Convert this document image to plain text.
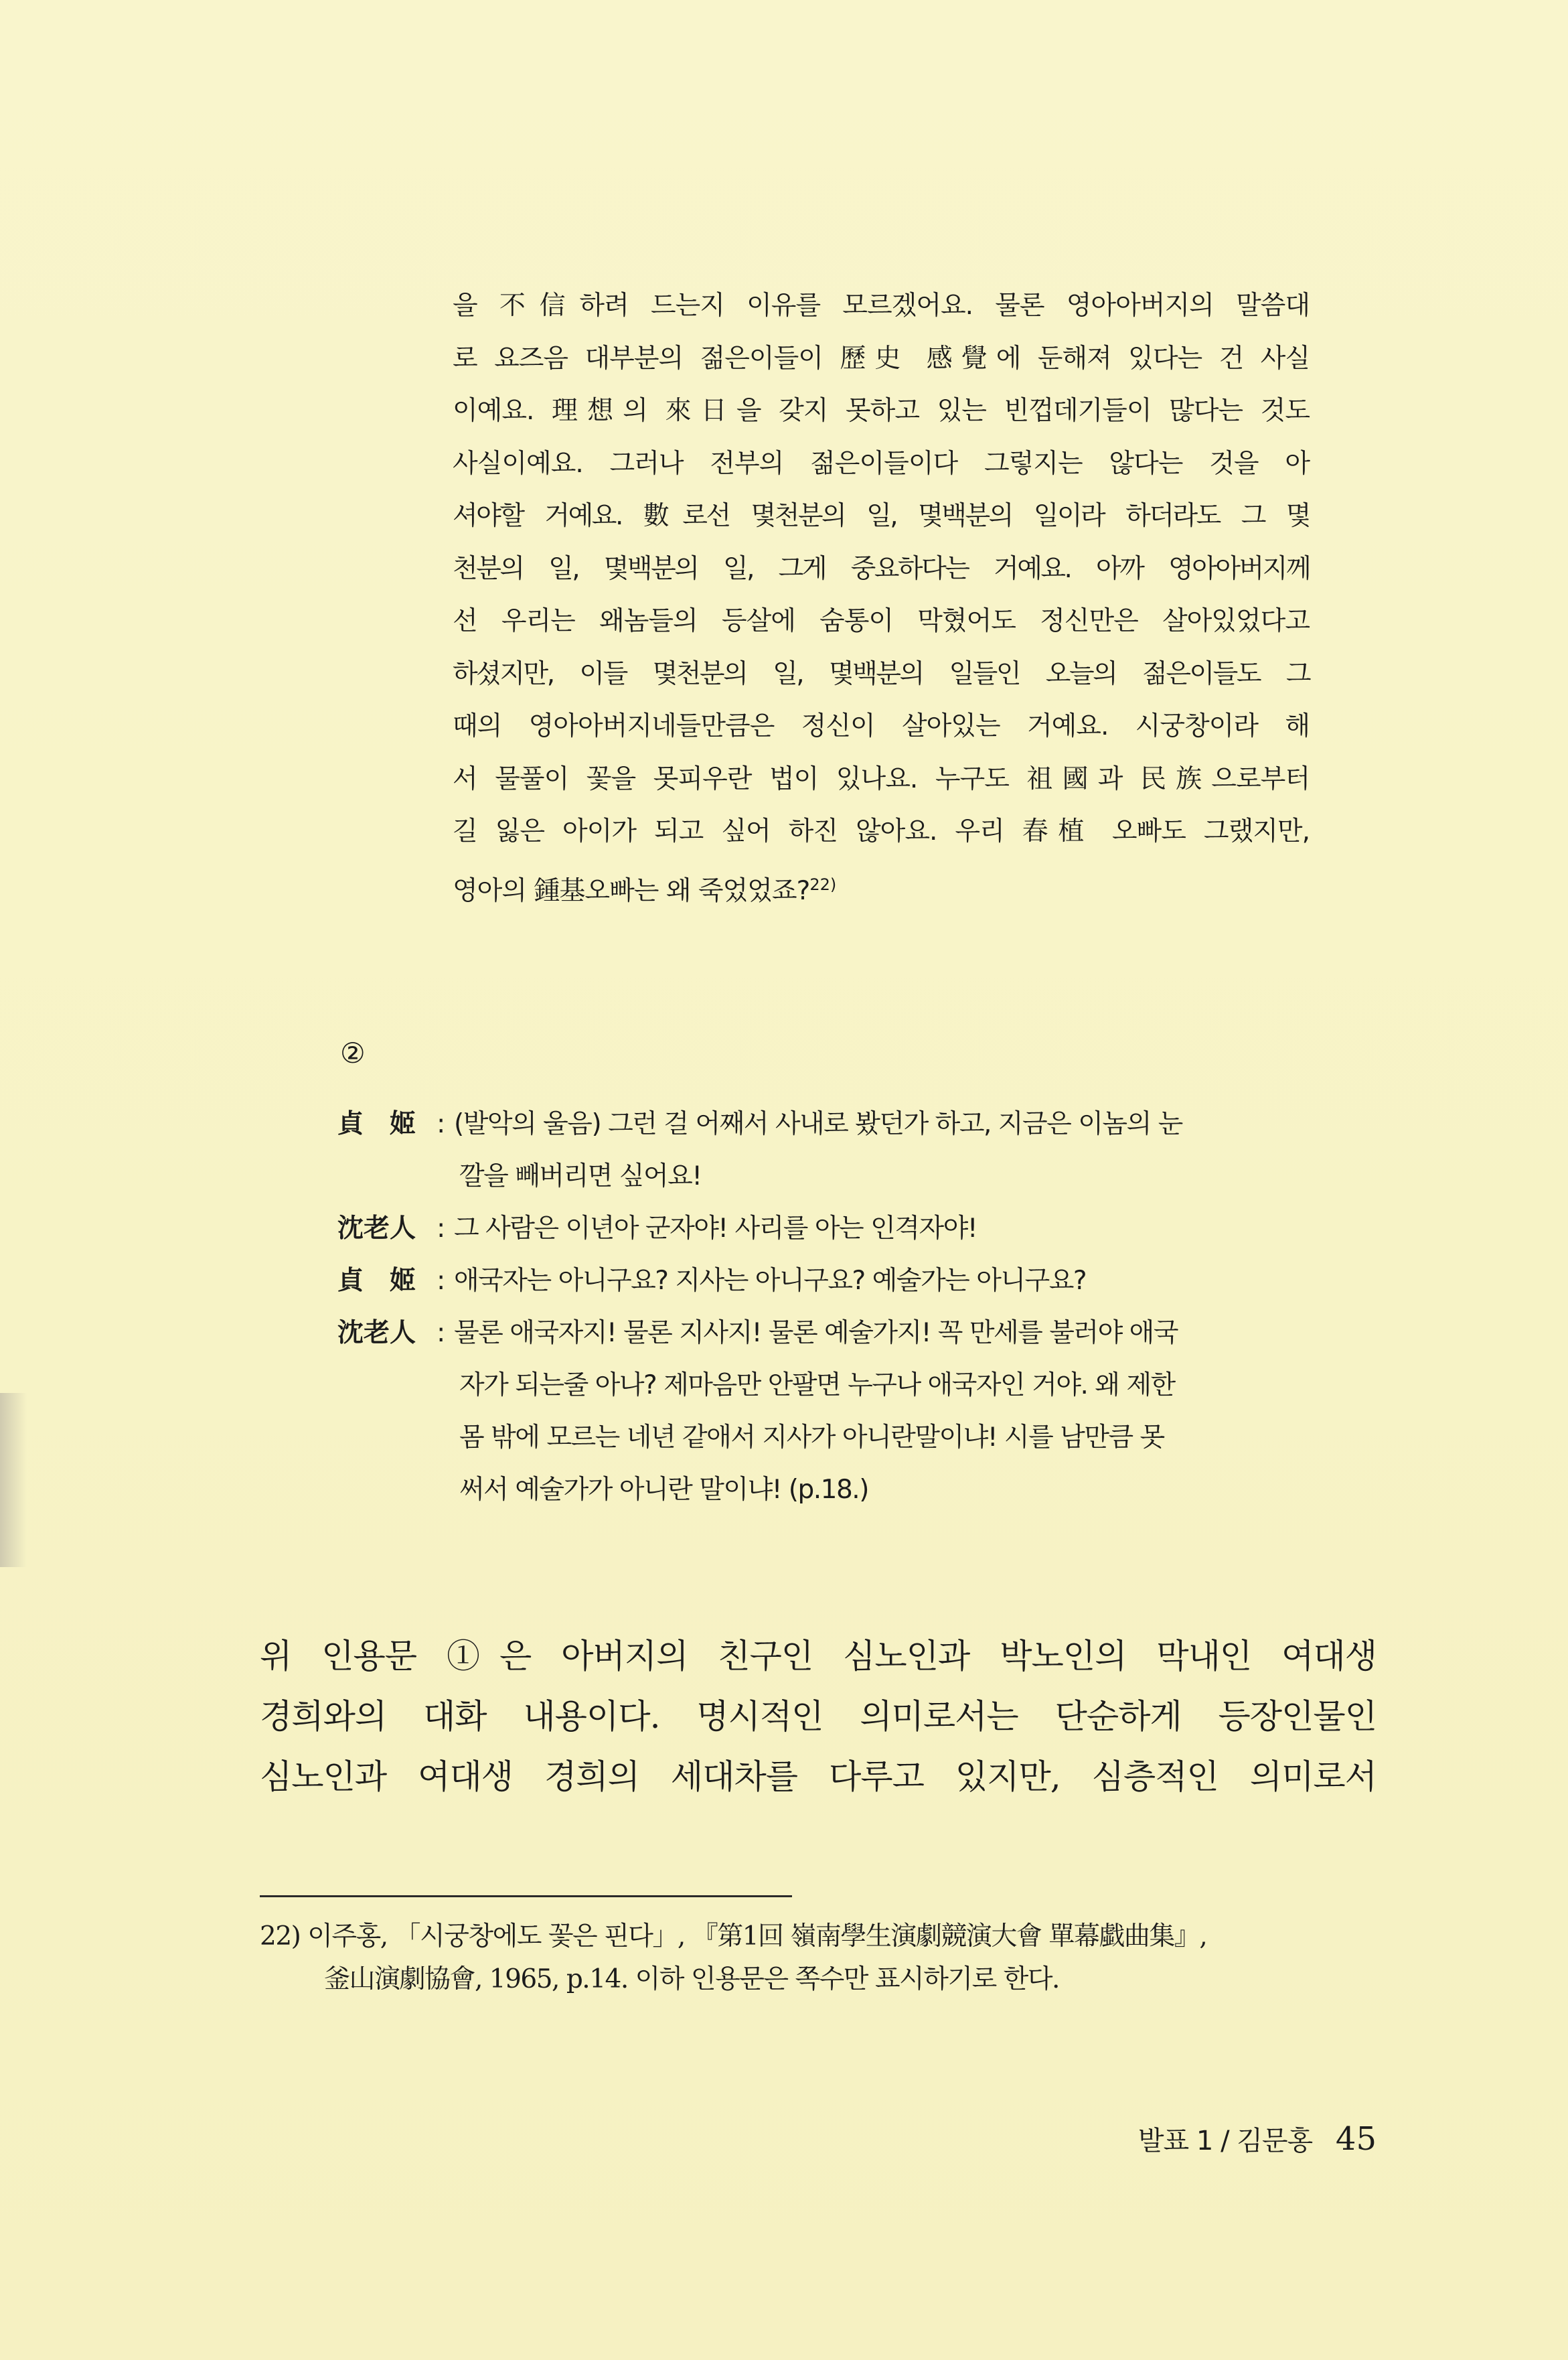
을 不信하려 드는지 이유를 모르겠어요. 물론 영아아버지의 말씀대
로 요즈음 대부분의 젊은이들이 歷史 感覺에 둔해져 있다는 건 사실
이예요. 理想의 來日을 갖지 못하고 있는 빈껍데기들이 많다는 것도
사실이예요. 그러나 전부의 젊은이들이다 그렇지는 않다는 것을 아
셔야할 거예요. 數로선 몇천분의 일, 몇백분의 일이라 하더라도 그 몇
천분의 일, 몇백분의 일, 그게 중요하다는 거예요. 아까 영아아버지께
선 우리는 왜놈들의 등살에 숨통이 막혔어도 정신만은 살아있었다고
하셨지만, 이들 몇천분의 일, 몇백분의 일들인 오늘의 젊은이들도 그
때의 영아아버지네들만큼은 정신이 살아있는 거예요. 시궁창이라 해
서 물풀이 꽃을 못피우란 법이 있나요. 누구도 祖國과 民族으로부터
길 잃은 아이가 되고 싶어 하진 않아요. 우리 春植 오빠도 그랬지만,
영아의 鍾基오빠는 왜 죽었었죠?$^{22)}$
②
貞　姬 : (발악의 울음) 그런 걸 어째서 사내로 봤던가 하고, 지금은 이놈의 눈
깔을 빼버리면 싶어요!
沈老人 : 그 사람은 이년아 군자야! 사리를 아는 인격자야!
貞　姬 : 애국자는 아니구요? 지사는 아니구요? 예술가는 아니구요?
沈老人 : 물론 애국자지! 물론 지사지! 물론 예술가지! 꼭 만세를 불러야 애국
자가 되는줄 아나? 제마음만 안팔면 누구나 애국자인 거야. 왜 제한
몸 밖에 모르는 네년 같애서 지사가 아니란말이냐! 시를 남만큼 못
써서 예술가가 아니란 말이냐! (p.18.)
위 인용문 ①은 아버지의 친구인 심노인과 박노인의 막내인 여대생
경희와의 대화 내용이다. 명시적인 의미로서는 단순하게 등장인물인
심노인과 여대생 경희의 세대차를 다루고 있지만, 심층적인 의미로서
22) 이주홍, 「시궁창에도 꽃은 핀다」, 『第1回 嶺南學生演劇競演大會 單幕戱曲集』,
釜山演劇協會, 1965, p.14. 이하 인용문은 쪽수만 표시하기로 한다.
발표 1 / 김문홍 45
